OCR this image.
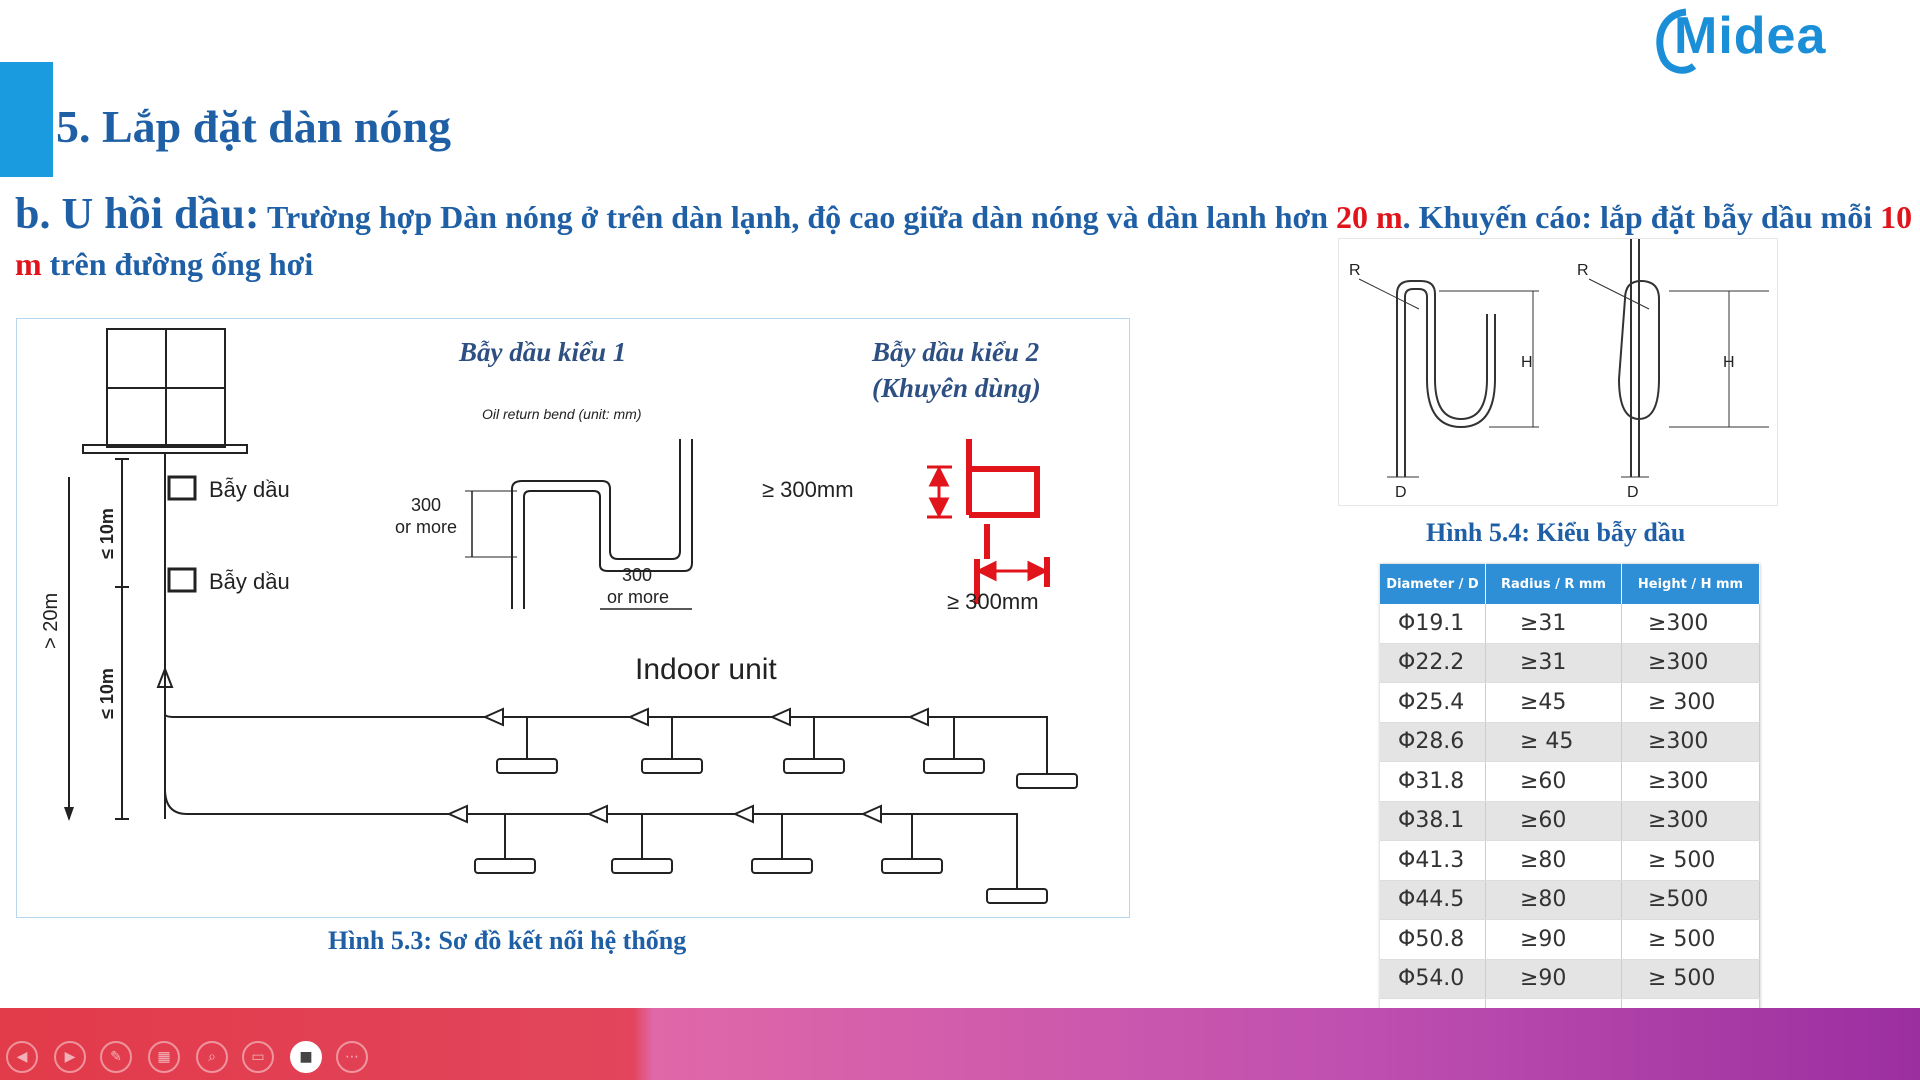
Midea
5. Lắp đặt dàn nóng
b. U hồi dầu: Trường hợp Dàn nóng ở trên dàn lạnh, độ cao giữa dàn nóng và dàn lanh hơn 20 m. Khuyến cáo: lắp đặt bẫy dầu mỗi 10 m trên đường ống hơi
Bẫy dầu
Bẫy dầu
> 20m
≤ 10m
≤ 10m	Indoor unit
Bẫy dầu kiểu 1
Oil return bend (unit: mm)
300
or more
300
or more
Bẫy dầu kiểu 2
(Khuyên dùng)
≥ 300mm
≥ 300mm
Hình 5.3: Sơ đồ kết nối hệ thống
R	R
H	H
D	D
Hình 5.4: Kiểu bẫy dầu
Diameter / D	Radius / R mm	Height / H mm
Φ19.1	≥31	≥300
Φ22.2	≥31	≥300
Φ25.4	≥45	≥ 300
Φ28.6	≥ 45	≥300
Φ31.8	≥60	≥300
Φ38.1	≥60	≥300
Φ41.3	≥80	≥ 500
Φ44.5	≥80	≥500
Φ50.8	≥90	≥ 500
Φ54.0	≥90	≥ 500

◀	▶ ✎	▦	⌕	▭ ■ ⋯
